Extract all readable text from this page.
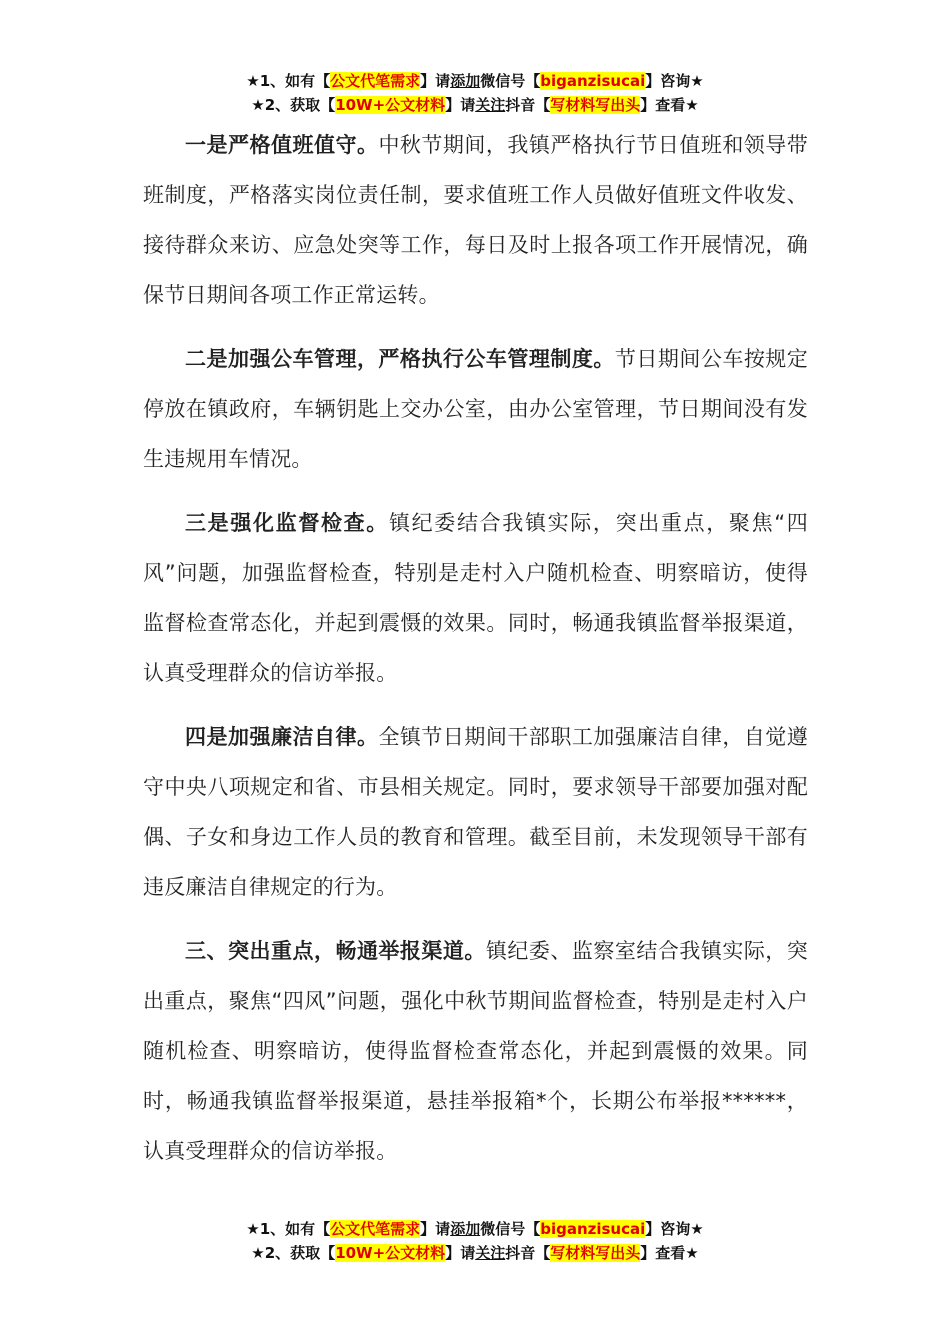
★1、如有【公文代笔需求】请添加微信号【biganzisucai】咨询★
★2、获取【10W+公文材料】请关注抖音【写材料写出头】查看★

一是严格值班值守。中秋节期间，我镇严格执行节日值班和领导带班制度，严格落实岗位责任制，要求值班工作人员做好值班文件收发、接待群众来访、应急处突等工作，每日及时上报各项工作开展情况，确保节日期间各项工作正常运转。

二是加强公车管理，严格执行公车管理制度。节日期间公车按规定停放在镇政府，车辆钥匙上交办公室，由办公室管理，节日期间没有发生违规用车情况。

三是强化监督检查。镇纪委结合我镇实际，突出重点，聚焦“四风”问题，加强监督检查，特别是走村入户随机检查、明察暗访，使得监督检查常态化，并起到震慑的效果。同时，畅通我镇监督举报渠道，认真受理群众的信访举报。

四是加强廉洁自律。全镇节日期间干部职工加强廉洁自律，自觉遵守中央八项规定和省、市县相关规定。同时，要求领导干部要加强对配偶、子女和身边工作人员的教育和管理。截至目前，未发现领导干部有违反廉洁自律规定的行为。

三、突出重点，畅通举报渠道。镇纪委、监察室结合我镇实际，突出重点，聚焦“四风”问题，强化中秋节期间监督检查，特别是走村入户随机检查、明察暗访，使得监督检查常态化，并起到震慑的效果。同时，畅通我镇监督举报渠道，悬挂举报箱*个，长期公布举报******，认真受理群众的信访举报。

★1、如有【公文代笔需求】请添加微信号【biganzisucai】咨询★
★2、获取【10W+公文材料】请关注抖音【写材料写出头】查看★
